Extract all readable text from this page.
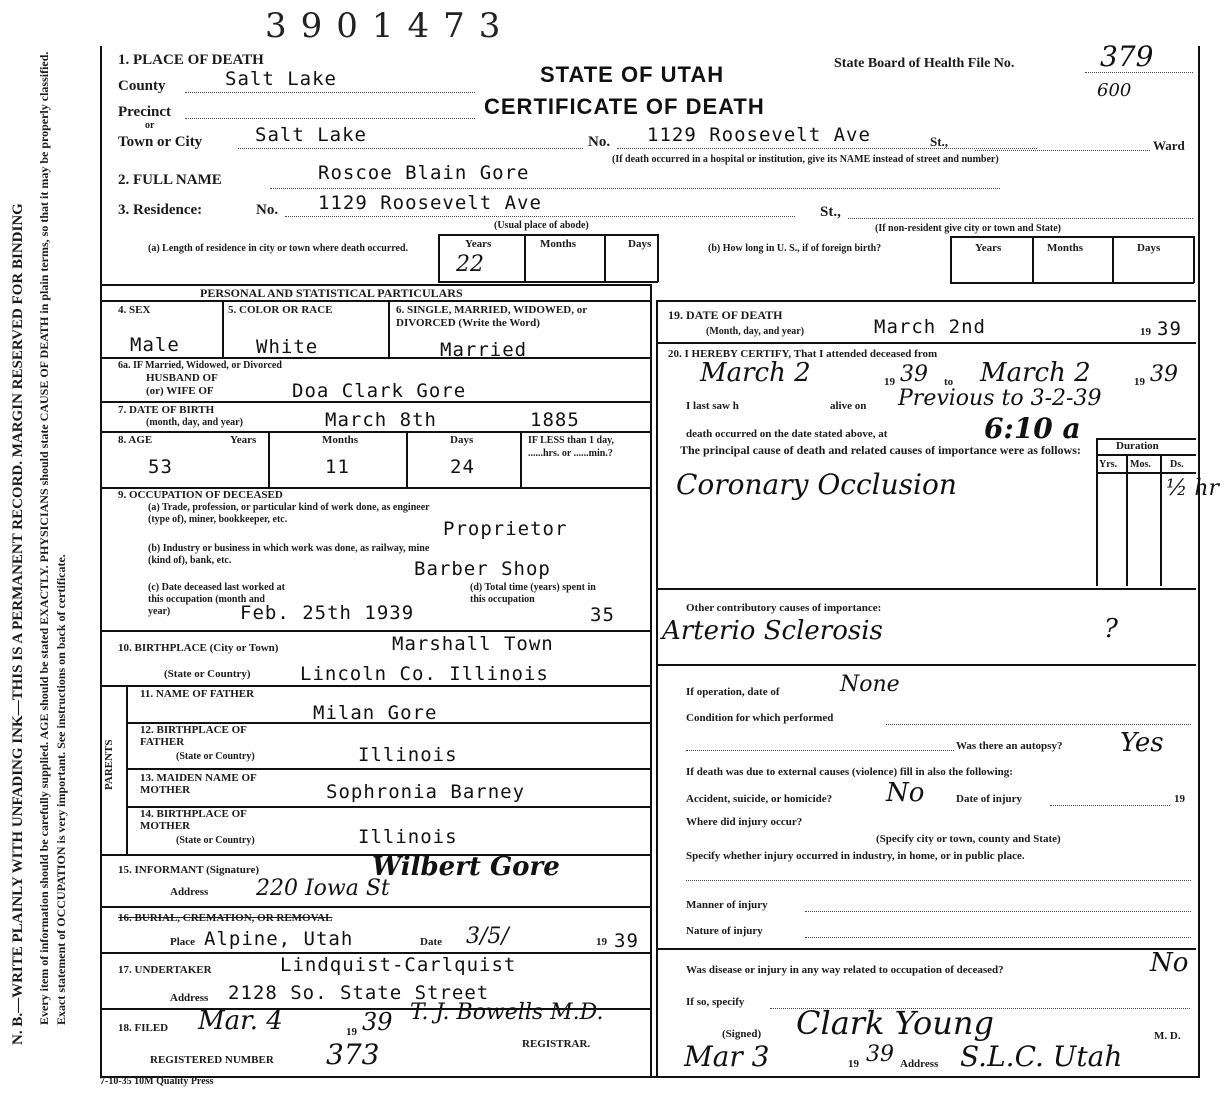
3901473
N. B.—WRITE PLAINLY WITH UNFADING INK—THIS IS A PERMANENT RECORD. MARGIN RESERVED FOR BINDING Every item of information should be carefully supplied. AGE should be stated EXACTLY. PHYSICIANS should state CAUSE OF DEATH in plain terms, so that it may be properly classified. Exact statement of OCCUPATION is very important. See instructions on back of certificate.
1. PLACE OF DEATH
STATE OF UTAH
CERTIFICATE OF DEATH
State Board of Health File No.	379
600
County	Salt Lake
Precinct
or
Town or City	Salt Lake	No. 1129 Roosevelt Ave	St.,	Ward
(If death occurred in a hospital or institution, give its NAME instead of street and number)
2. FULL NAME	Roscoe Blain Gore
3. Residence:	No. 1129 Roosevelt Ave	St.,
(Usual place of abode)	(If non-resident give city or town and State)
(a) Length of residence in city or town where death occurred.	Years	Months	Days
22
(b) How long in U. S., if of foreign birth?	Years	Months	Days
PERSONAL AND STATISTICAL PARTICULARS
4. SEX
Male
5. COLOR OR RACE
White
6. SINGLE, MARRIED, WIDOWED, or DIVORCED (Write the Word)
Married
6a. IF Married, Widowed, or Divorced
HUSBAND OF
(or) WIFE OF	Doa Clark Gore
7. DATE OF BIRTH
(month, day, and year)	March 8th	1885
8. AGE	Years	Months	Days
53	11	24
IF LESS than 1 day, ......hrs. or ......min.?
9. OCCUPATION OF DECEASED
(a) Trade, profession, or particular kind of work done, as engineer (type of), miner, bookkeeper, etc.	Proprietor
(b) Industry or business in which work was done, as railway, mine (kind of), bank, etc.	Barber Shop
(c) Date deceased last worked at this occupation (month and year)	Feb. 25th 1939
(d) Total time (years) spent in this occupation
35
10. BIRTHPLACE (City or Town)	Marshall Town
(State or Country)	Lincoln Co. Illinois
PARENTS
11. NAME OF FATHER
Milan Gore
12. BIRTHPLACE OF FATHER
(State or Country)	Illinois
13. MAIDEN NAME OF MOTHER	Sophronia Barney
14. BIRTHPLACE OF MOTHER
(State or Country)	Illinois
15. INFORMANT (Signature)	Wilbert Gore
Address 220 Iowa St
16. BURIAL, CREMATION, OR REMOVAL
Place Alpine, Utah	Date 3/5/	19 39
17. UNDERTAKER	Lindquist-Carlquist
Address 2128 So. State Street
18. FILED Mar. 4	19 39 T. J. Bowells M.D.
REGISTERED NUMBER 373	REGISTRAR.
19. DATE OF DEATH
(Month, day, and year)	March 2nd	19 39
20. I HEREBY CERTIFY, That I attended deceased from
March 2	19 39 to March 2	19 39
I last saw h	alive on Previous to 3-2-39
death occurred on the date stated above, at	6:10 a
The principal cause of death and related causes of importance were as follows:	Duration
Yrs. Mos. Ds.
Coronary Occlusion	½ hr
Other contributory causes of importance:
Arterio Sclerosis	?
If operation, date of	None
Condition for which performed
Was there an autopsy? Yes
If death was due to external causes (violence) fill in also the following:
Accident, suicide, or homicide? No	Date of injury	19
Where did injury occur?
(Specify city or town, county and State)
Specify whether injury occurred in industry, in home, or in public place.
Manner of injury
Nature of injury
Was disease or injury in any way related to occupation of deceased?	No
If so, specify
(Signed) Clark Young	M. D.
Mar 3	19 39 Address S.L.C. Utah
7-10-35 10M Quality Press
